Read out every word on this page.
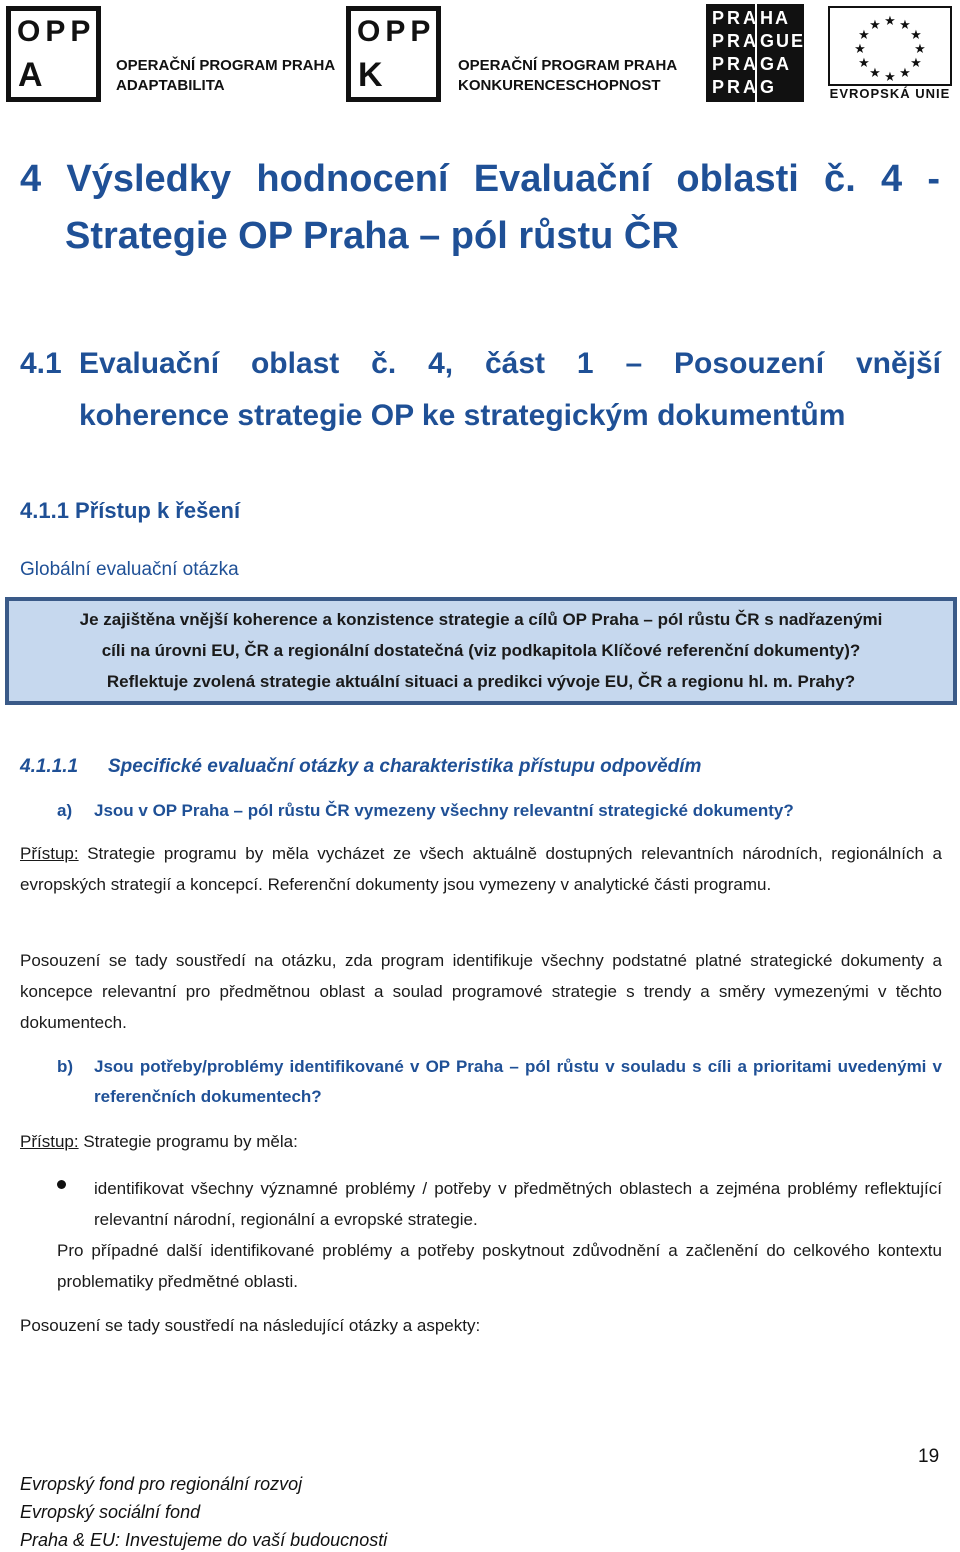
OPP
A	OPERAČNÍ PROGRAM PRAHA
ADAPTABILITA
OPP
K	OPERAČNÍ PROGRAM PRAHA
KONKURENCESCHOPNOST
PRA HA
PRA GUE
PRA GA
PRA G
★ ★
★
★
★
★
★
★
★
★
★
★
EVROPSKÁ UNIE
4 Výsledky hodnocení Evaluační oblasti č. 4 -
Strategie OP Praha – pól růstu ČR
4.1 Evaluační oblast č. 4, část 1 – Posouzení vnější
koherence strategie OP ke strategickým dokumentům
4.1.1 Přístup k řešení
Globální evaluační otázka

Je zajištěna vnější koherence a konzistence strategie a cílů OP Praha – pól růstu ČR s nadřazenými

cíli na úrovni EU, ČR a regionální dostatečná (viz podkapitola Klíčové referenční dokumenty)?

Reflektuje zvolená strategie aktuální situaci a predikci vývoje EU, ČR a regionu hl. m. Prahy?

4.1.1.1 Specifické evaluační otázky a charakteristika přístupu odpovědím
a) Jsou v OP Praha – pól růstu ČR vymezeny všechny relevantní strategické dokumenty?
Přístup: Strategie programu by měla vycházet ze všech aktuálně dostupných relevantních národních, regionálních a evropských strategií a koncepcí. Referenční dokumenty jsou vymezeny v analytické části programu.
Posouzení se tady soustředí na otázku, zda program identifikuje všechny podstatné platné strategické dokumenty a koncepce relevantní pro předmětnou oblast a soulad programové strategie s trendy a směry vymezenými v těchto dokumentech.
b) Jsou potřeby/problémy identifikované v OP Praha – pól růstu v souladu s cíli a prioritami uvedenými v referenčních dokumentech?
Přístup: Strategie programu by měla:
identifikovat všechny významné problémy / potřeby v předmětných oblastech a zejména problémy reflektující relevantní národní, regionální a evropské strategie.
Pro případné další identifikované problémy a potřeby poskytnout zdůvodnění a začlenění do celkového kontextu problematiky předmětné oblasti.
Posouzení se tady soustředí na následující otázky a aspekty:
19
Evropský fond pro regionální rozvoj
Evropský sociální fond
Praha & EU: Investujeme do vaší budoucnosti
